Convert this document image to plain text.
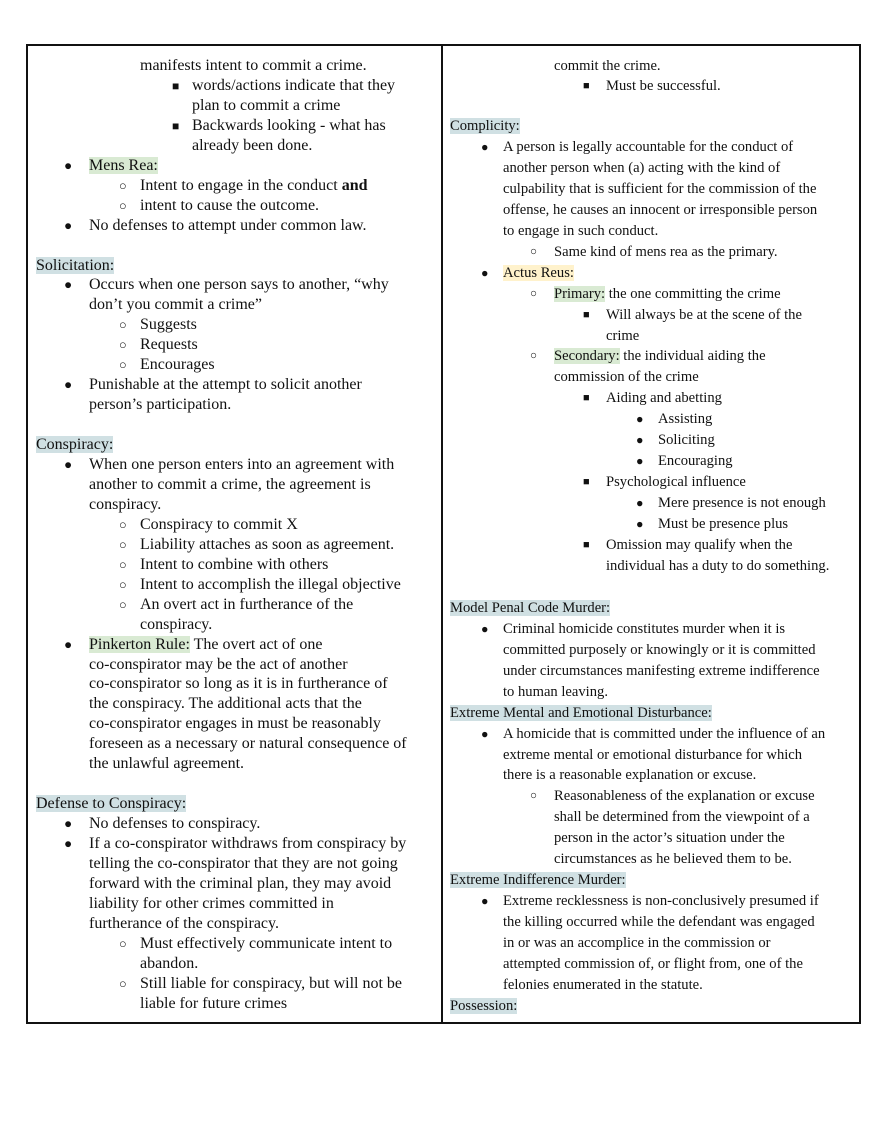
manifests intent to commit a crime.
■ words/actions indicate that they
plan to commit a crime
■ Backwards looking - what has
already been done.
● Mens Rea:
○ Intent to engage in the conduct and
○ intent to cause the outcome.
● No defenses to attempt under common law.
Solicitation:
● Occurs when one person says to another, “why
don’t you commit a crime”
○ Suggests
○ Requests
○ Encourages
● Punishable at the attempt to solicit another
person’s participation.
Conspiracy:
● When one person enters into an agreement with
another to commit a crime, the agreement is
conspiracy.
○ Conspiracy to commit X
○ Liability attaches as soon as agreement.
○ Intent to combine with others
○ Intent to accomplish the illegal objective
○ An overt act in furtherance of the
conspiracy.
● Pinkerton Rule: The overt act of one
co-conspirator may be the act of another
co-conspirator so long as it is in furtherance of
the conspiracy. The additional acts that the
co-conspirator engages in must be reasonably
foreseen as a necessary or natural consequence of
the unlawful agreement.
Defense to Conspiracy:
● No defenses to conspiracy.
● If a co-conspirator withdraws from conspiracy by
telling the co-conspirator that they are not going
forward with the criminal plan, they may avoid
liability for other crimes committed in
furtherance of the conspiracy.
○ Must effectively communicate intent to
abandon.
○ Still liable for conspiracy, but will not be
liable for future crimes
commit the crime.
■ Must be successful.
Complicity:
● A person is legally accountable for the conduct of
another person when (a) acting with the kind of
culpability that is sufficient for the commission of the
offense, he causes an innocent or irresponsible person
to engage in such conduct.
○ Same kind of mens rea as the primary.
● Actus Reus:
○ Primary: the one committing the crime
■ Will always be at the scene of the
crime
○ Secondary: the individual aiding the
commission of the crime
■ Aiding and abetting
● Assisting
● Soliciting
● Encouraging
■ Psychological influence
● Mere presence is not enough
● Must be presence plus
■ Omission may qualify when the
individual has a duty to do something.
Model Penal Code Murder:
● Criminal homicide constitutes murder when it is
committed purposely or knowingly or it is committed
under circumstances manifesting extreme indifference
to human leaving.
Extreme Mental and Emotional Disturbance:
● A homicide that is committed under the influence of an
extreme mental or emotional disturbance for which
there is a reasonable explanation or excuse.
○ Reasonableness of the explanation or excuse
shall be determined from the viewpoint of a
person in the actor’s situation under the
circumstances as he believed them to be.
Extreme Indifference Murder:
● Extreme recklessness is non-conclusively presumed if
the killing occurred while the defendant was engaged
in or was an accomplice in the commission or
attempted commission of, or flight from, one of the
felonies enumerated in the statute.
Possession:
